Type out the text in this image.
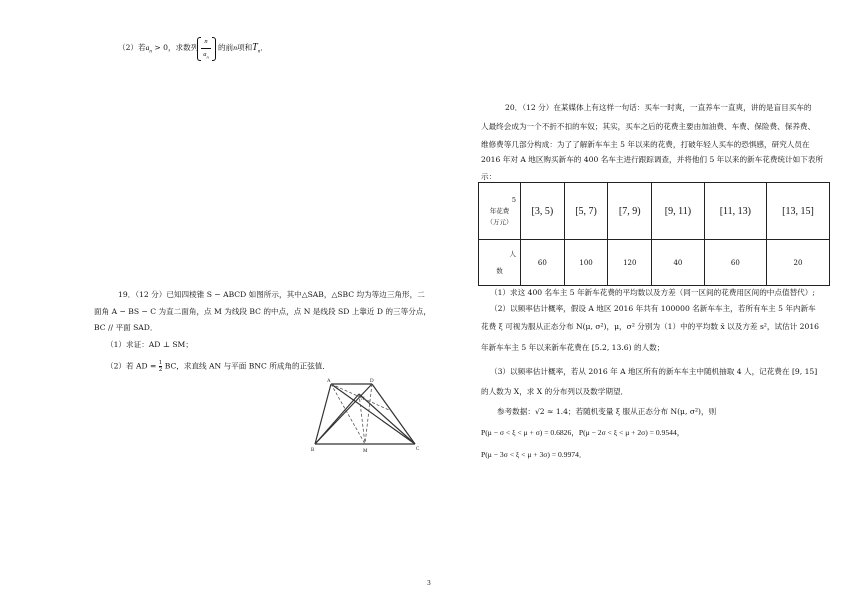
（2）若$a_n > 0$，求数列
n
$a_n$
的前n项和$T_n$．
20．（12 分）在某媒体上有这样一句话：买车一时爽，一直养车一直爽，讲的是盲目买车的
人最终会成为一个不折不扣的车奴；其实，买车之后的花费主要由加油费、车费、保险费、保养费、
维修费等几部分构成：为了了解新车车主 5 年以来的花费，打破年轻人买车的恐惧感，研究人员在
2016 年对 A 地区购买新车的 400 名车主进行跟踪调查，并将他们 5 年以来的新车花费统计如下表所
示：
5
年花费
（万元）	[3, 5)	[5, 7)	[7, 9)	[9, 11)	[11, 13)	[13, 15]

人
数	60	100	120	40	60	20
（1）求这 400 名车主 5 年新车花费的平均数以及方差（同一区间的花费用区间的中点值替代）;
（2）以频率估计概率，假设 A 地区 2016 年共有 100000 名新车车主，若所有车主 5 年内新车
花费 ξ 可视为服从正态分布 N(μ, σ²)，μ，σ² 分别为（1）中的平均数 x̄ 以及方差 s²，试估计 2016
年新车车主 5 年以来新车花费在 [5.2, 13.6) 的人数；
（3）以频率估计概率，若从 2016 年 A 地区所有的新车车主中随机抽取 4 人，记花费在 [9, 15]
的人数为 X，求 X 的分布列以及数学期望．
参考数据：√2 ≈ 1.4；若随机变量 ξ 服从正态分布 N(μ, σ²)，则
P(μ − σ < ξ < μ + σ) = 0.6826，P(μ − 2σ < ξ < μ + 2σ) = 0.9544，
P(μ − 3σ < ξ < μ + 3σ) = 0.9974．
19．（12 分）已知四棱锥 S − ABCD 如图所示，其中△SAB，△SBC 均为等边三角形，二
面角 A − BS − C 为直二面角，点 M 为线段 BC 的中点，点 N 是线段 SD 上靠近 D 的三等分点，
BC // 平面 SAD．
（1）求证：AD ⊥ SM；
（2）若 AD = $\frac{1}{2}$ BC，求直线 AN 与平面 BNC 所成角的正弦值．
A	D
N
B	C
M
3
